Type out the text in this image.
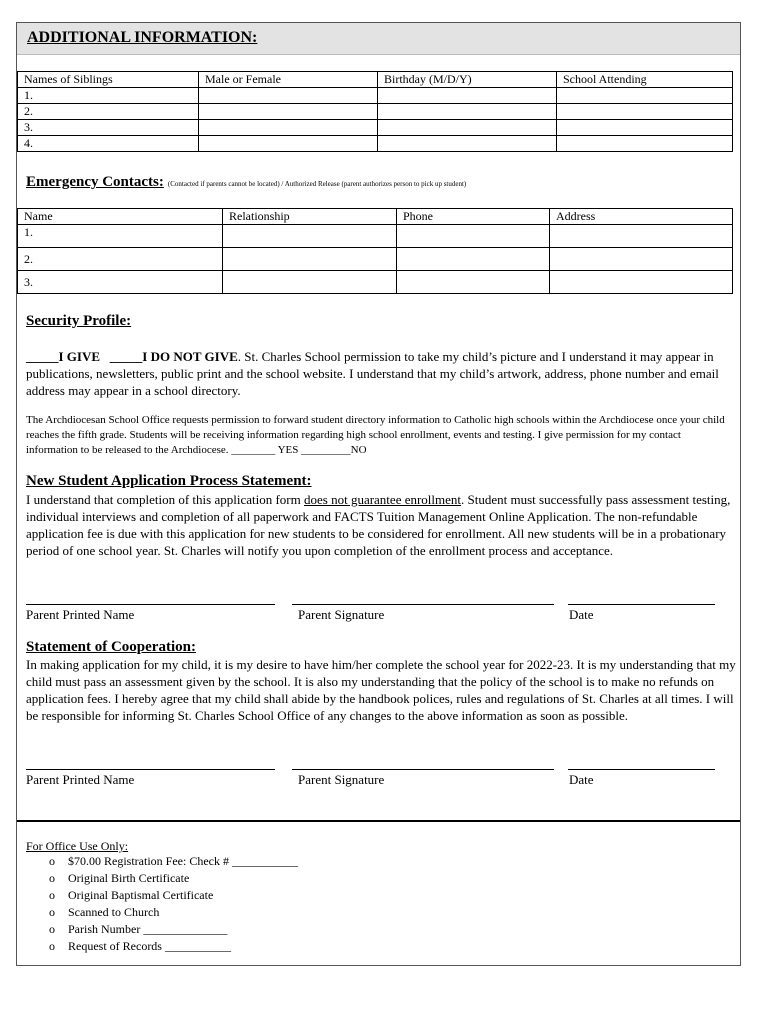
ADDITIONAL INFORMATION:
Names of Siblings	Male or Female	Birthday (M/D/Y)	School Attending
1.			
2.			
3.			
4.			
Emergency Contacts: (Contacted if parents cannot be located) / Authorized Release (parent authorizes person to pick up student)
Name	Relationship	Phone	Address
1.			
2.			
3.			
Security Profile:
_____I GIVE _____I DO NOT GIVE. St. Charles School permission to take my child’s picture and I understand it may appear in publications, newsletters, public print and the school website. I understand that my child’s artwork, address, phone number and email address may appear in a school directory.
The Archdiocesan School Office requests permission to forward student directory information to Catholic high schools within the Archdiocese once your child reaches the fifth grade. Students will be receiving information regarding high school enrollment, events and testing. I give permission for my contact information to be released to the Archdiocese. ________ YES _________NO
New Student Application Process Statement:
I understand that completion of this application form does not guarantee enrollment. Student must successfully pass assessment testing, individual interviews and completion of all paperwork and FACTS Tuition Management Online Application. The non-refundable application fee is due with this application for new students to be considered for enrollment. All new students will be in a probationary period of one school year. St. Charles will notify you upon completion of the enrollment process and acceptance.
Parent Printed Name	Parent Signature	Date
Statement of Cooperation:
In making application for my child, it is my desire to have him/her complete the school year for 2022-23. It is my understanding that my child must pass an assessment given by the school. It is also my understanding that the policy of the school is to make no refunds on application fees. I hereby agree that my child shall abide by the handbook polices, rules and regulations of St. Charles at all times. I will be responsible for informing St. Charles School Office of any changes to the above information as soon as possible.
Parent Printed Name	Parent Signature	Date
For Office Use Only:
o $70.00 Registration Fee: Check # ___________
o Original Birth Certificate
o Original Baptismal Certificate
o Scanned to Church
o Parish Number ______________
o Request of Records ___________
